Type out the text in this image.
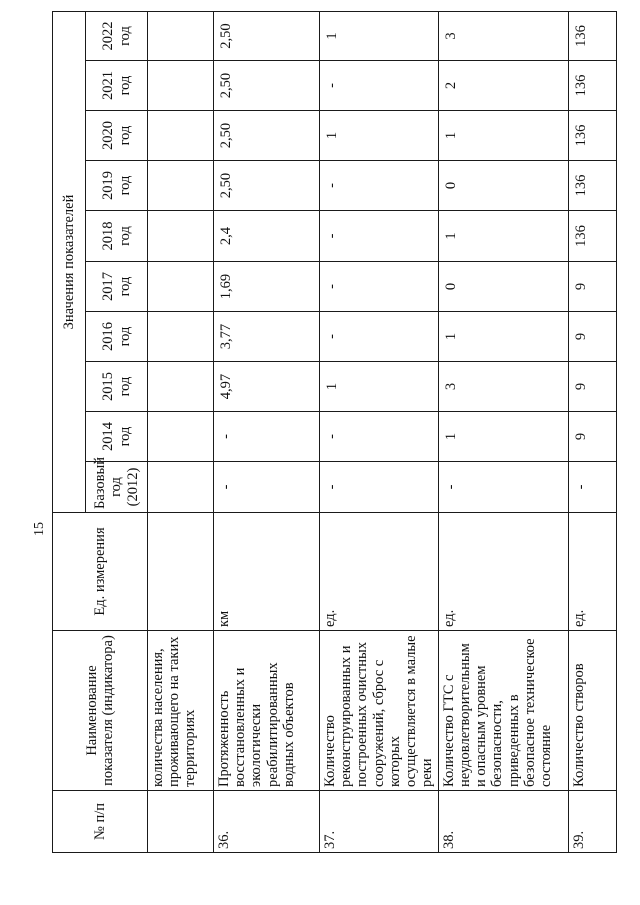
15
№ п/п	Наименование показателя (индикатора)	Ед. измерения	Значения показателей									
			Базовый год (2012)	2014 год	2015 год	2016 год	2017 год	2018 год	2019 год	2020 год	2021 год	2022 год
	количества населения, проживающего на таких территориях											
36.	Протяженность восстановленных и экологически реабилитированных водных объектов	км	-	-	4,97	3,77	1,69	2,4	2,50	2,50	2,50	2,50
37.	Количество реконструированных и построенных очистных сооружений, сброс с которых осуществляется в малые реки	ед.	-	-	1	-	-	-	-	1	-	1
38.	Количество ГТС с неудовлетворительным и опасным уровнем безопасности, приведенных в безопасное техническое состояние	ед.	-	1	3	1	0	1	0	1	2	3
39.	Количество створов	ед.	-	9	9	9	9	136	136	136	136	136
